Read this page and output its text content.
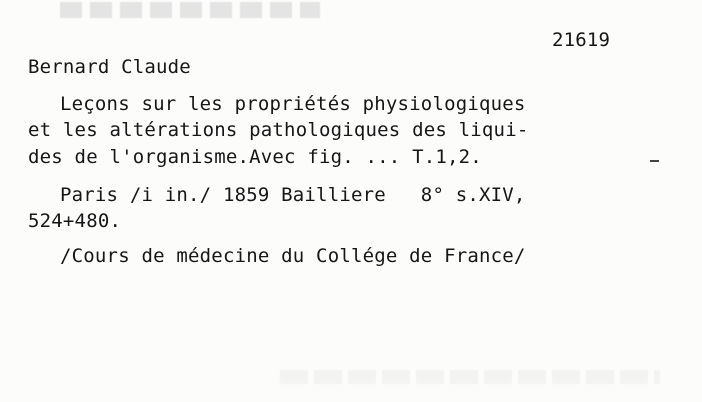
21619
Bernard Claude
Leçons sur les propriétés physiologiques
et les altérations pathologiques des liqui-
des de l'organisme.Avec fig. ... T.1,2.
Paris /i in./ 1859 Bailliere   8° s.XIV,
524+480.
/Cours de médecine du Collége de France/
